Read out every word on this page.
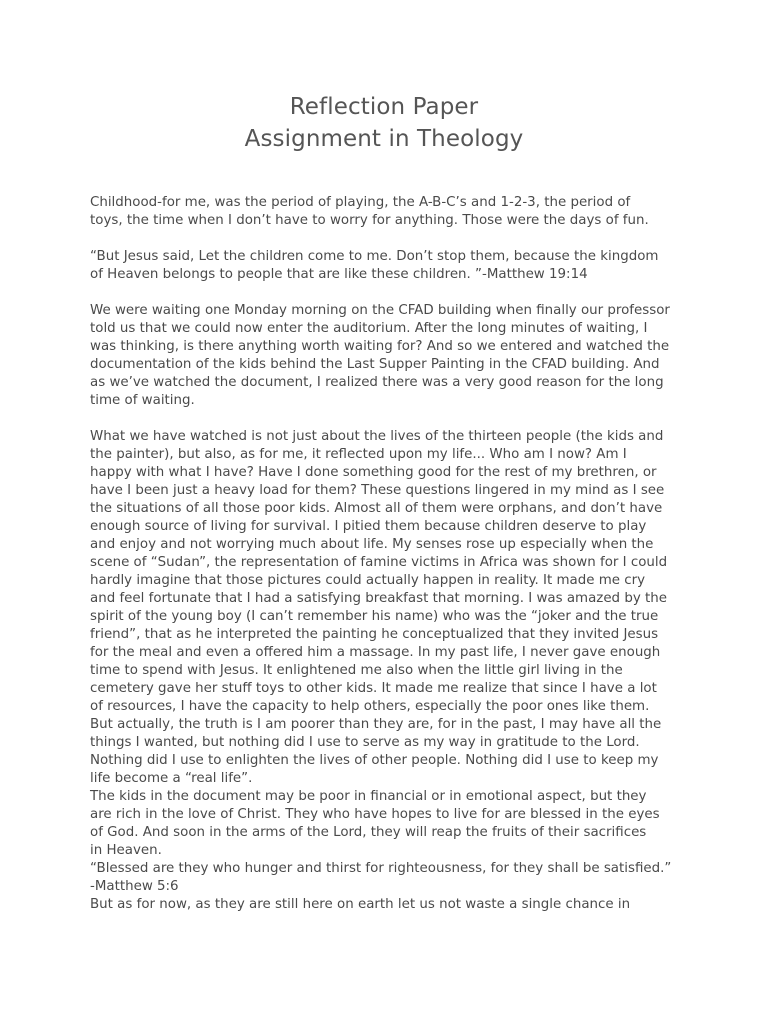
Reflection Paper
Assignment in Theology
Childhood-for me, was the period of playing, the A-B-C’s and 1-2-3, the period of
toys, the time when I don’t have to worry for anything. Those were the days of fun.
“But Jesus said, Let the children come to me. Don’t stop them, because the kingdom
of Heaven belongs to people that are like these children. ”-Matthew 19:14
We were waiting one Monday morning on the CFAD building when finally our professor
told us that we could now enter the auditorium. After the long minutes of waiting, I
was thinking, is there anything worth waiting for? And so we entered and watched the
documentation of the kids behind the Last Supper Painting in the CFAD building. And
as we’ve watched the document, I realized there was a very good reason for the long
time of waiting.
What we have watched is not just about the lives of the thirteen people (the kids and
the painter), but also, as for me, it reflected upon my life... Who am I now? Am I
happy with what I have? Have I done something good for the rest of my brethren, or
have I been just a heavy load for them? These questions lingered in my mind as I see
the situations of all those poor kids. Almost all of them were orphans, and don’t have
enough source of living for survival. I pitied them because children deserve to play
and enjoy and not worrying much about life. My senses rose up especially when the
scene of “Sudan”, the representation of famine victims in Africa was shown for I could
hardly imagine that those pictures could actually happen in reality. It made me cry
and feel fortunate that I had a satisfying breakfast that morning. I was amazed by the
spirit of the young boy (I can’t remember his name) who was the “joker and the true
friend”, that as he interpreted the painting he conceptualized that they invited Jesus
for the meal and even a offered him a massage. In my past life, I never gave enough
time to spend with Jesus. It enlightened me also when the little girl living in the
cemetery gave her stuff toys to other kids. It made me realize that since I have a lot
of resources, I have the capacity to help others, especially the poor ones like them.
But actually, the truth is I am poorer than they are, for in the past, I may have all the
things I wanted, but nothing did I use to serve as my way in gratitude to the Lord.
Nothing did I use to enlighten the lives of other people. Nothing did I use to keep my
life become a “real life”.
The kids in the document may be poor in financial or in emotional aspect, but they
are rich in the love of Christ. They who have hopes to live for are blessed in the eyes
of God. And soon in the arms of the Lord, they will reap the fruits of their sacrifices
in Heaven.
“Blessed are they who hunger and thirst for righteousness, for they shall be satisfied.”
-Matthew 5:6
But as for now, as they are still here on earth let us not waste a single chance in
